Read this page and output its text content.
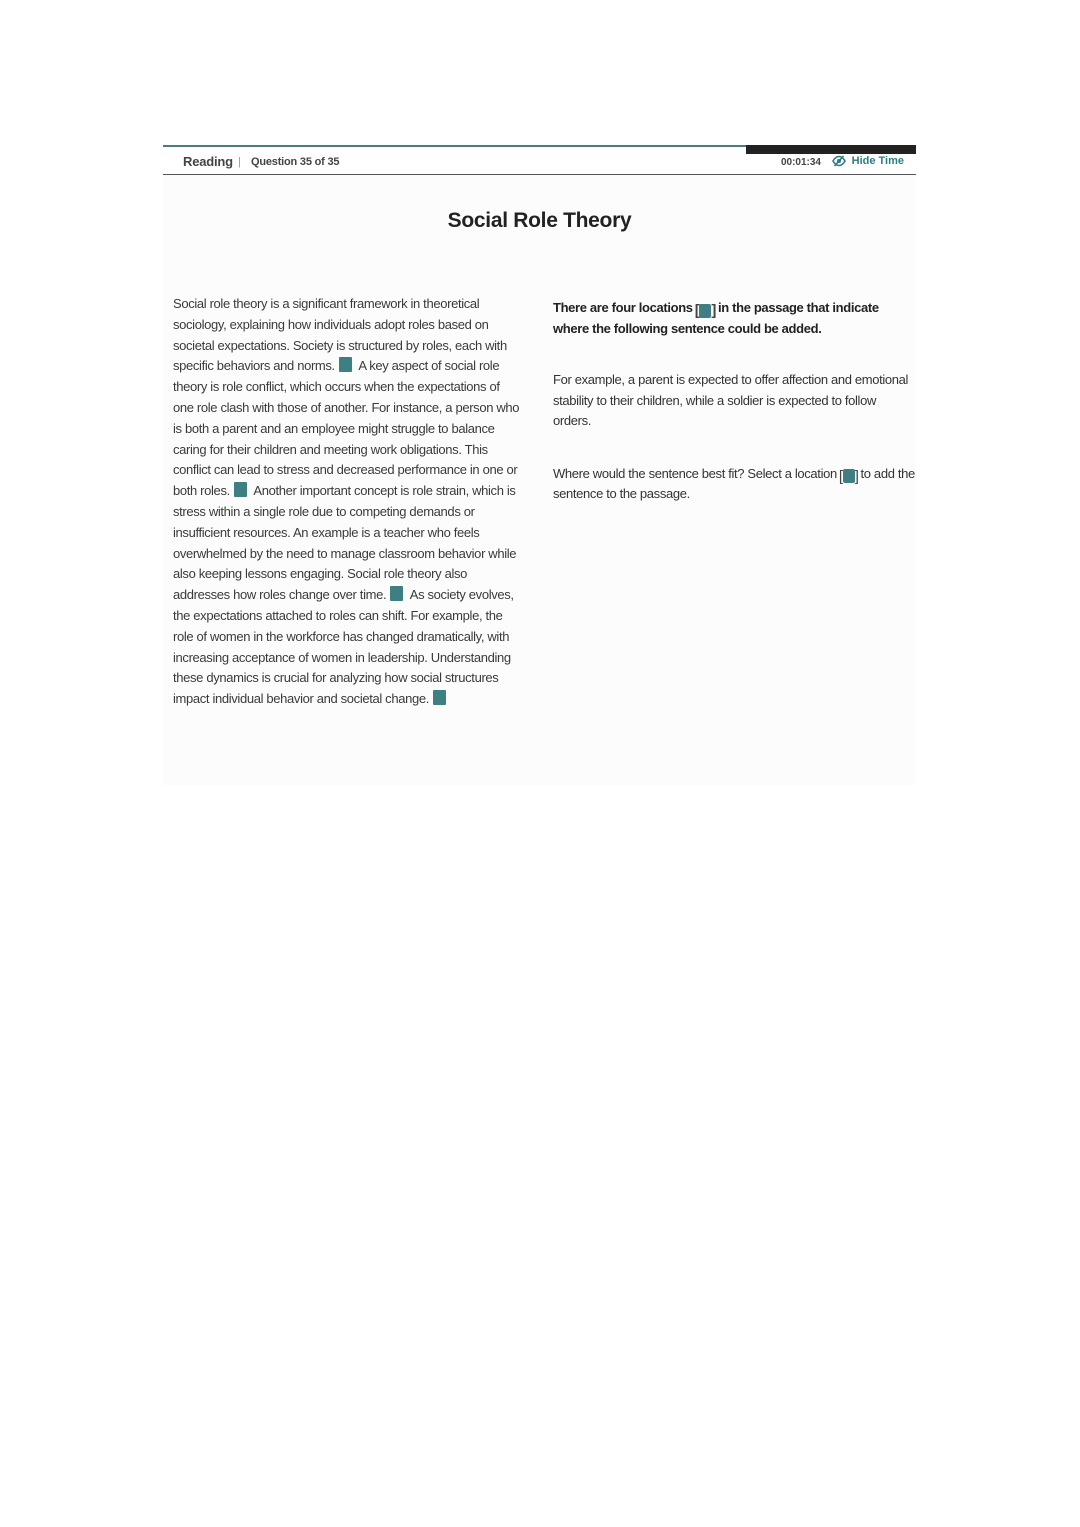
Reading | Question 35 of 35	00:01:34	Hide Time
Social Role Theory
Social role theory is a significant framework in theoretical sociology, explaining how individuals adopt roles based on societal expectations. Society is structured by roles, each with specific behaviors and norms. A key aspect of social role theory is role conflict, which occurs when the expectations of one role clash with those of another. For instance, a person who is both a parent and an employee might struggle to balance caring for their children and meeting work obligations. This conflict can lead to stress and decreased performance in one or both roles. Another important concept is role strain, which is stress within a single role due to competing demands or insufficient resources. An example is a teacher who feels overwhelmed by the need to manage classroom behavior while also keeping lessons engaging. Social role theory also addresses how roles change over time. As society evolves, the expectations attached to roles can shift. For example, the role of women in the workforce has changed dramatically, with increasing acceptance of women in leadership. Understanding these dynamics is crucial for analyzing how social structures impact individual behavior and societal change.
There are four locations [ ] in the passage that indicate where the following sentence could be added.
For example, a parent is expected to offer affection and emotional stability to their children, while a soldier is expected to follow orders.
Where would the sentence best fit? Select a location [ ] to add the sentence to the passage.
